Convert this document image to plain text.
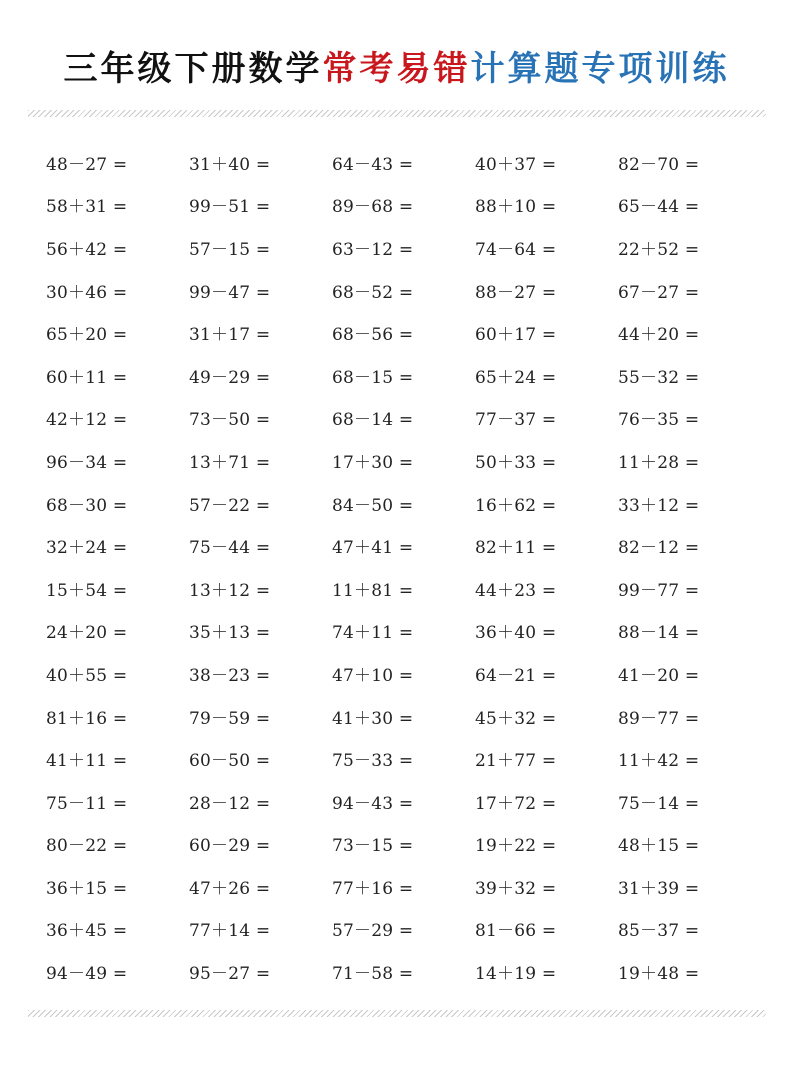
三年级下册数学常考易错计算题专项训练
48－27 =	31＋40 =	64－43 =	40＋37 =	82－70 =
58＋31 =	99－51 =	89－68 =	88＋10 =	65－44 =
56＋42 =	57－15 =	63－12 =	74－64 =	22＋52 =
30＋46 =	99－47 =	68－52 =	88－27 =	67－27 =
65＋20 =	31＋17 =	68－56 =	60＋17 =	44＋20 =
60＋11 =	49－29 =	68－15 =	65＋24 =	55－32 =
42＋12 =	73－50 =	68－14 =	77－37 =	76－35 =
96－34 =	13＋71 =	17＋30 =	50＋33 =	11＋28 =
68－30 =	57－22 =	84－50 =	16＋62 =	33＋12 =
32＋24 =	75－44 =	47＋41 =	82＋11 =	82－12 =
15＋54 =	13＋12 =	11＋81 =	44＋23 =	99－77 =
24＋20 =	35＋13 =	74＋11 =	36＋40 =	88－14 =
40＋55 =	38－23 =	47＋10 =	64－21 =	41－20 =
81＋16 =	79－59 =	41＋30 =	45＋32 =	89－77 =
41＋11 =	60－50 =	75－33 =	21＋77 =	11＋42 =
75－11 =	28－12 =	94－43 =	17＋72 =	75－14 =
80－22 =	60－29 =	73－15 =	19＋22 =	48＋15 =
36＋15 =	47＋26 =	77＋16 =	39＋32 =	31＋39 =
36＋45 =	77＋14 =	57－29 =	81－66 =	85－37 =
94－49 =	95－27 =	71－58 =	14＋19 =	19＋48 =
